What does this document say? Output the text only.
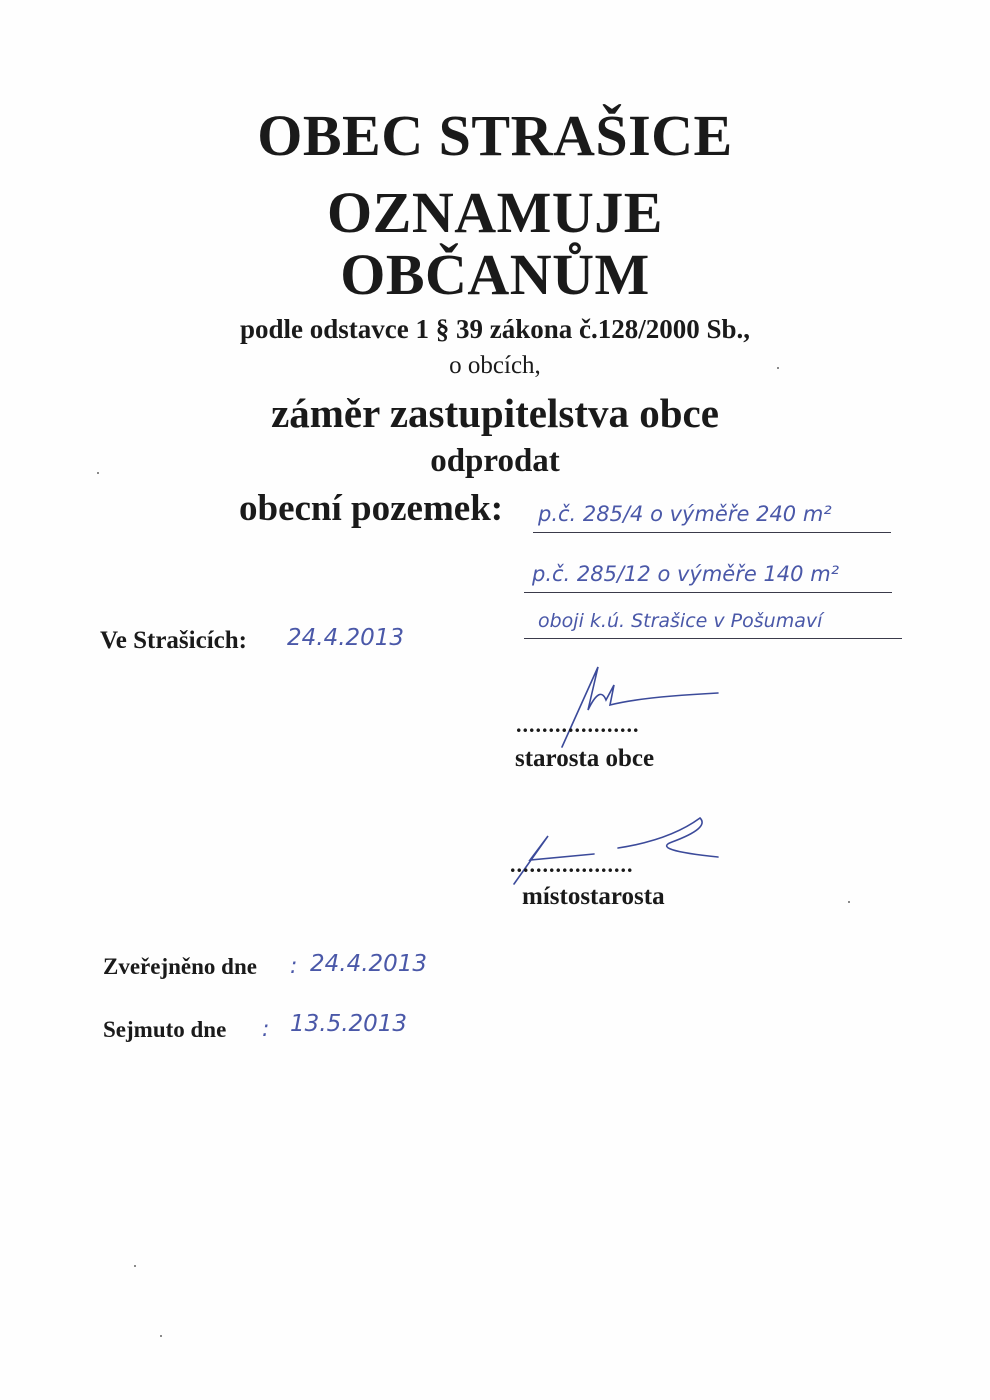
OBEC STRAŠICE
OZNAMUJE
OBČANŮM
podle odstavce 1 § 39 zákona č.128/2000 Sb.,
o obcích,
záměr zastupitelstva obce
odprodat
obecní pozemek: p.č. 285/4 o výměře 240 m²
p.č. 285/12 o výměře 140 m²
oboji k.ú. Strašice v Pošumaví
Ve Strašicích: 24.4.2013
...................
starosta obce
...................
místostarosta
Zveřejněno dne : 24.4.2013
Sejmuto dne : 13.5.2013
